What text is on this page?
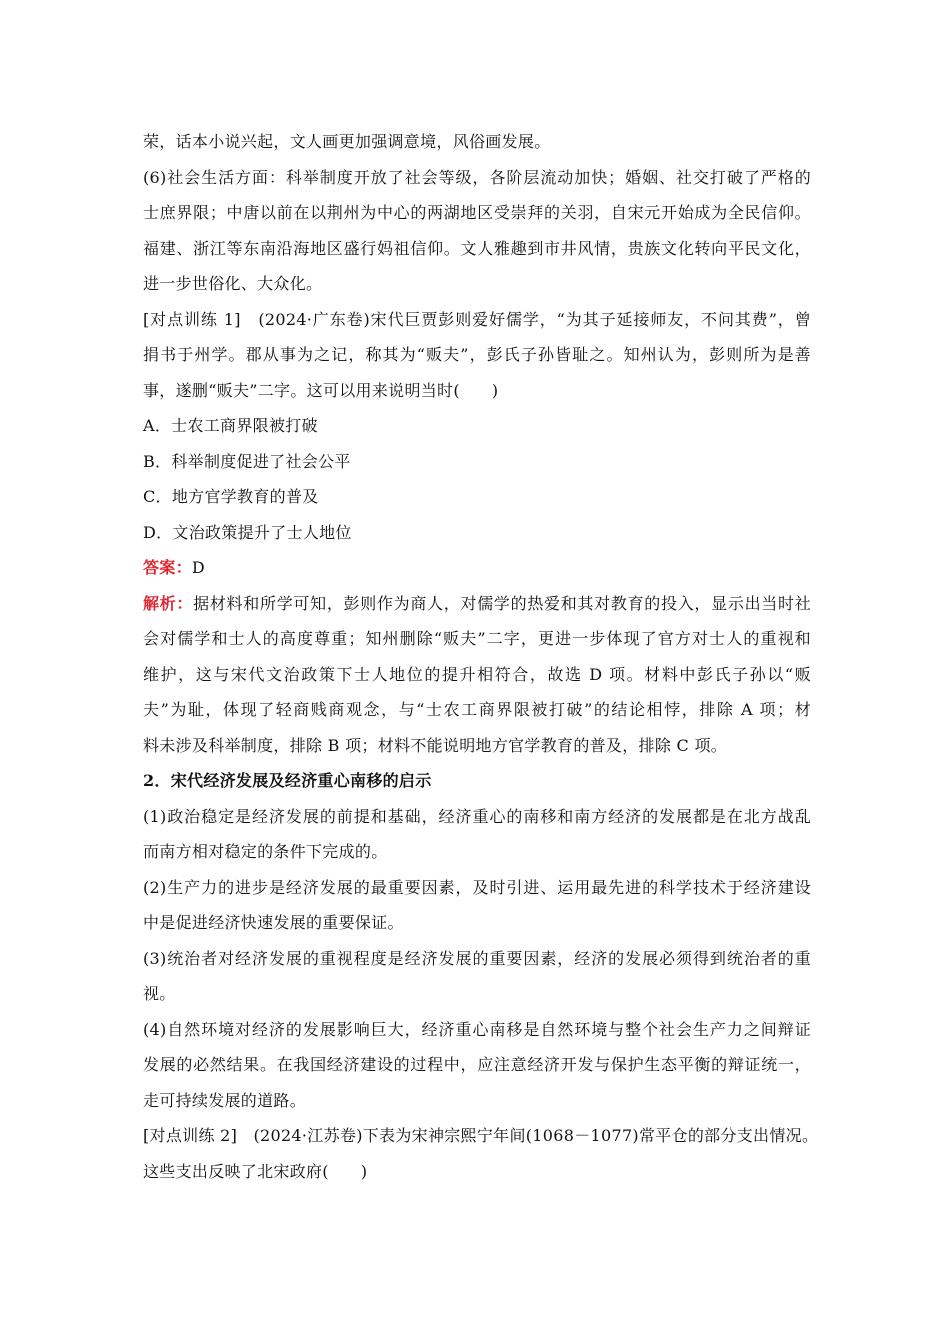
荣，话本小说兴起，文人画更加强调意境，风俗画发展。
(6)社会生活方面：科举制度开放了社会等级，各阶层流动加快；婚姻、社交打破了严格的
士庶界限；中唐以前在以荆州为中心的两湖地区受崇拜的关羽，自宋元开始成为全民信仰。
福建、浙江等东南沿海地区盛行妈祖信仰。文人雅趣到市井风情，贵族文化转向平民文化，
进一步世俗化、大众化。
[对点训练 1]　(2024·广东卷)宋代巨贾彭则爱好儒学，“为其子延接师友，不问其费”，曾
捐书于州学。郡从事为之记，称其为“贩夫”，彭氏子孙皆耻之。知州认为，彭则所为是善
事，遂删“贩夫”二字。这可以用来说明当时( )
A．士农工商界限被打破
B．科举制度促进了社会公平
C．地方官学教育的普及
D．文治政策提升了士人地位
答案：D
解析：据材料和所学可知，彭则作为商人，对儒学的热爱和其对教育的投入，显示出当时社
会对儒学和士人的高度尊重；知州删除“贩夫”二字，更进一步体现了官方对士人的重视和
维护，这与宋代文治政策下士人地位的提升相符合，故选 D 项。材料中彭氏子孙以“贩
夫”为耻，体现了轻商贱商观念，与“士农工商界限被打破”的结论相悖，排除 A 项；材
料未涉及科举制度，排除 B 项；材料不能说明地方官学教育的普及，排除 C 项。
2．宋代经济发展及经济重心南移的启示
(1)政治稳定是经济发展的前提和基础，经济重心的南移和南方经济的发展都是在北方战乱
而南方相对稳定的条件下完成的。
(2)生产力的进步是经济发展的最重要因素，及时引进、运用最先进的科学技术于经济建设
中是促进经济快速发展的重要保证。
(3)统治者对经济发展的重视程度是经济发展的重要因素，经济的发展必须得到统治者的重
视。
(4)自然环境对经济的发展影响巨大，经济重心南移是自然环境与整个社会生产力之间辩证
发展的必然结果。在我国经济建设的过程中，应注意经济开发与保护生态平衡的辩证统一，
走可持续发展的道路。
[对点训练 2]　(2024·江苏卷)下表为宋神宗熙宁年间(1068－1077)常平仓的部分支出情况。
这些支出反映了北宋政府( )
